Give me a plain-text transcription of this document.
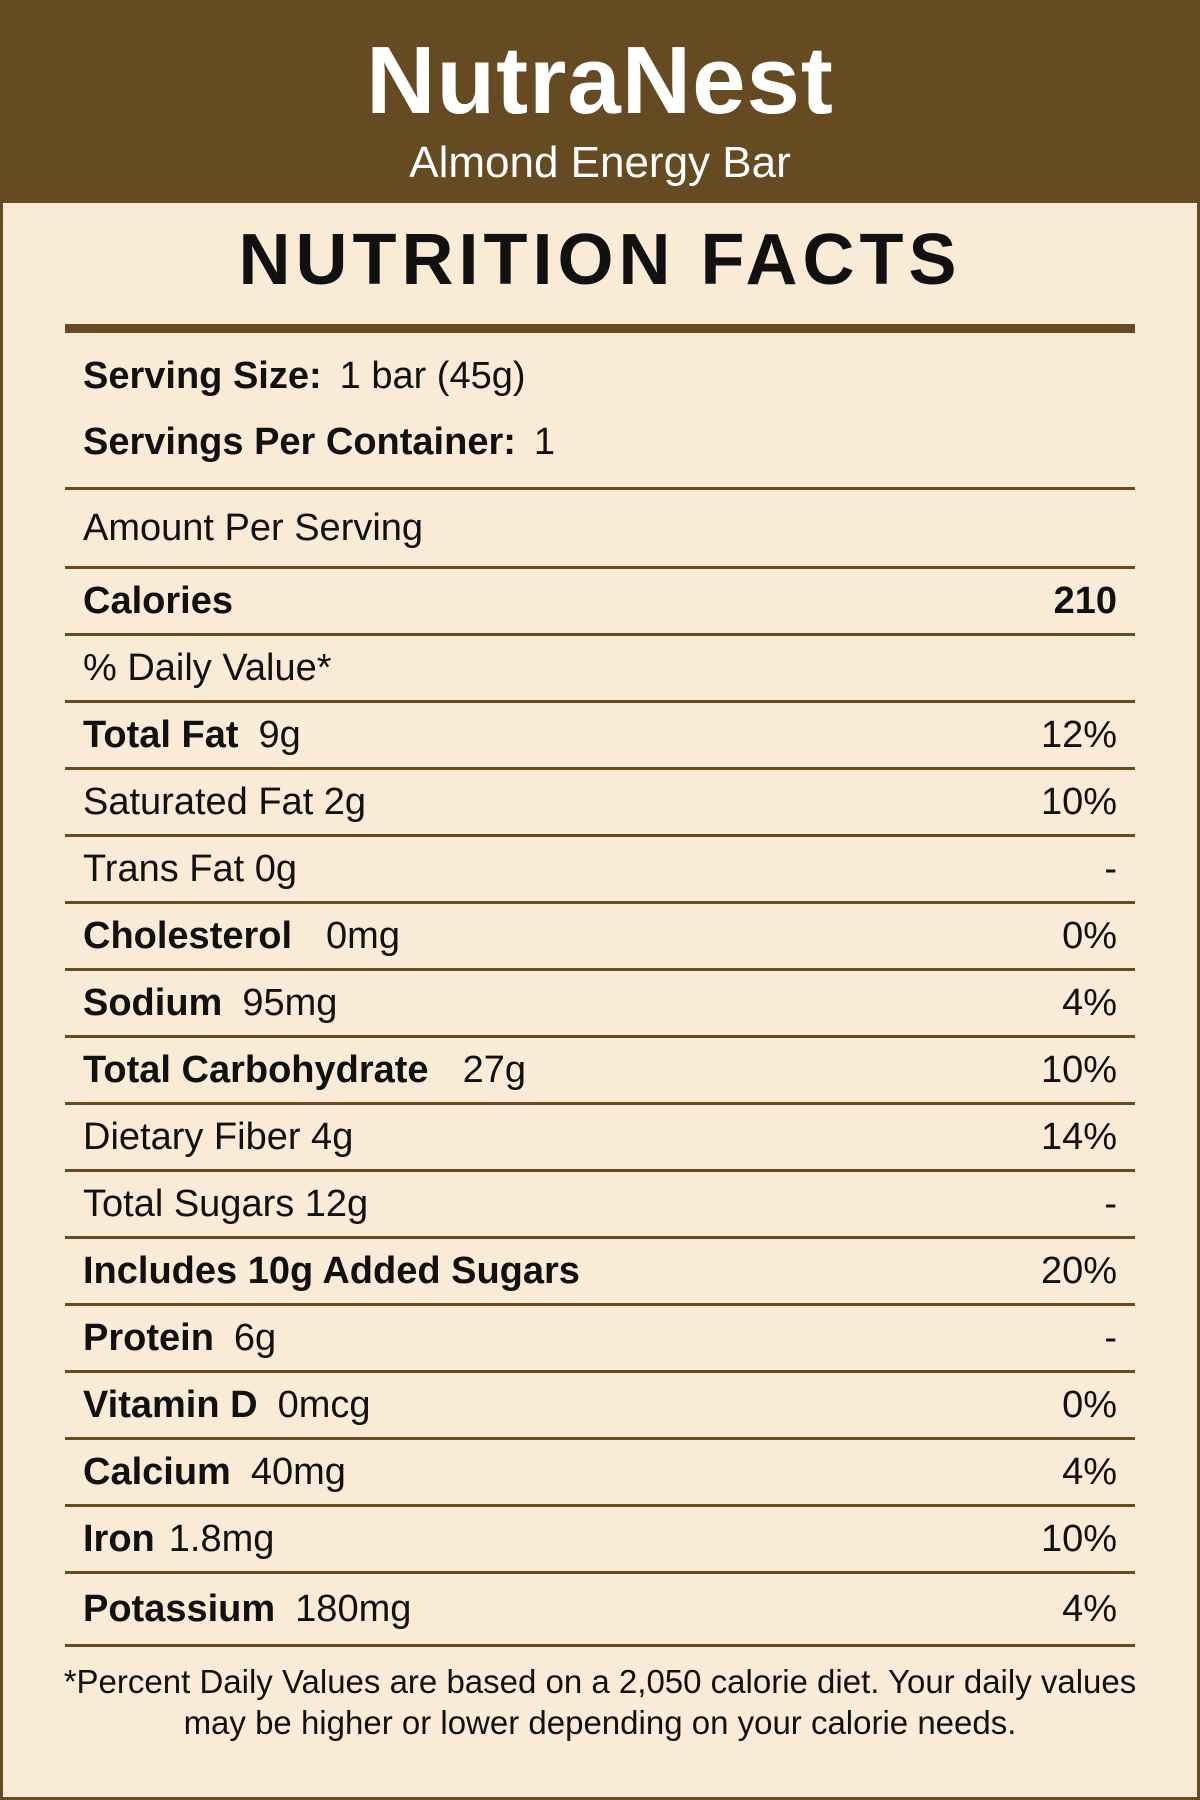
NutraNest
Almond Energy Bar
NUTRITION FACTS
Serving Size: 1 bar (45g)
Servings Per Container: 1
Amount Per Serving
Calories	210
% Daily Value*
Total Fat 9g	12%
Saturated Fat 2g	10%
Trans Fat 0g	-
Cholesterol 0mg	0%
Sodium 95mg	4%
Total Carbohydrate 27g	10%
Dietary Fiber 4g	14%
Total Sugars 12g	-
Includes 10g Added Sugars	20%
Protein 6g	-
Vitamin D 0mcg	0%
Calcium 40mg	4%
Iron 1.8mg	10%
Potassium 180mg	4%
*Percent Daily Values are based on a 2,050 calorie diet. Your daily values may be higher or lower depending on your calorie needs.
